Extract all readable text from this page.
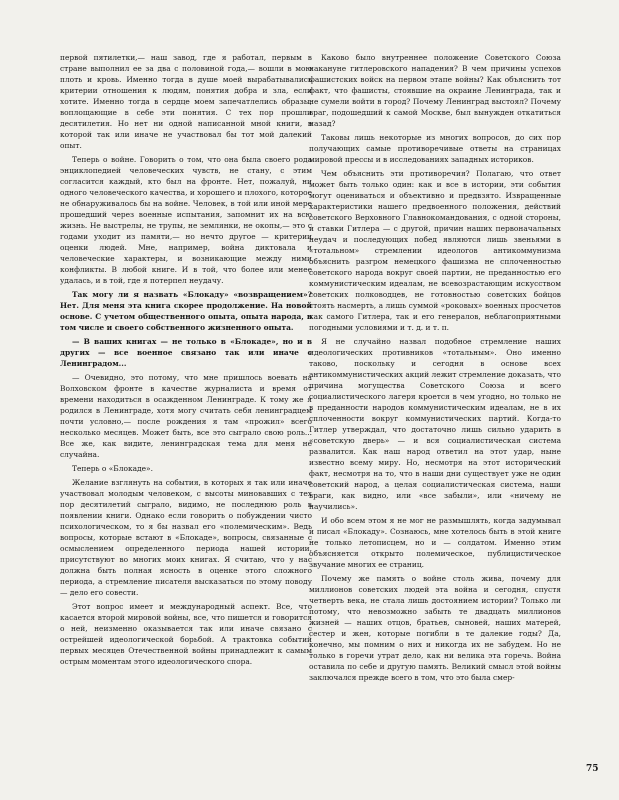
первой пятилетки,— наш завод, где я работал, первым в стране выполнил ее за два с половиной года,— вошли в мою плоть и кровь. Именно тогда в душе моей вырабатывались критерии отношения к людям, понятия добра и зла, если хотите. Именно тогда в сердце моем запечатлелись образы, воплощающие в себе эти понятия. С тех пор прошли десятилетия. Но нет ни одной написанной мной книги, в которой так или иначе не участвовал бы тот мой далекий опыт.

Теперь о войне. Говорить о том, что она была своего рода энциклопедией человеческих чувств, не стану, с этим согласится каждый, кто был на фронте. Нет, пожалуй, ни одного человеческого качества, и хорошего и плохого, которое не обнаруживалось бы на войне. Человек, в той или иной мере прошедший через военные испытания, запомнит их на всю жизнь. Не выстрелы, не трупы, не землянки, не окопы,— это с годами уходит из памяти,— но нечто другое — критерии оценки людей. Мне, например, война диктовала и человеческие характеры, и возникающие между ними конфликты. В любой книге. И в той, что более или менее удалась, и в той, где я потерпел неудачу.

Так могу ли я назвать «Блокаду» «возвращением»? Нет. Для меня эта книга скорее продолжение. На новой основе. С учетом общественного опыта, опыта народа, в том числе и своего собственного жизненного опыта.

— В ваших книгах — не только в «Блокаде», но и в других — все военное связано так или иначе с Ленинградом...

— Очевидно, это потому, что мне пришлось воевать на Волховском фронте в качестве журналиста и время от времени находиться в осажденном Ленинграде. К тому же я родился в Ленинграде, хотя могу считать себя ленинградцем почти условно,— после рождения я там «прожил» всего несколько месяцев. Может быть, все это сыграло свою роль... Все же, как видите, ленинградская тема для меня не случайна.

Теперь о «Блокаде».

Желание взглянуть на события, в которых я так или иначе участвовал молодым человеком, с высоты миновавших с тех пор десятилетий сыграло, видимо, не последнюю роль в появлении книги. Однако если говорить о побуждении чисто психологическом, то я бы назвал его «полемическим». Ведь вопросы, которые встают в «Блокаде», вопросы, связанные с осмыслением определенного периода нашей истории, присутствуют во многих моих книгах. Я считаю, что у нас должна быть полная ясность в оценке этого сложного периода, а стремление писателя высказаться по этому поводу — дело его совести.

Этот вопрос имеет и международный аспект. Все, что касается второй мировой войны, все, что пишется и говорится о ней, неизменно оказывается так или иначе связано с острейшей идеологической борьбой. А трактовка событий первых месяцев Отечественной войны принадлежит к самым острым моментам этого идеологического спора.

Каково было внутреннее положение Советского Союза накануне гитлеровского нападения? В чем причины успехов фашистских войск на первом этапе войны? Как объяснить тот факт, что фашисты, стоявшие на окраине Ленинграда, так и не сумели войти в город? Почему Ленинград выстоял? Почему враг, подошедший к самой Москве, был вынужден откатиться назад?

Таковы лишь некоторые из многих вопросов, до сих пор получающих самые противоречивые ответы на страницах мировой прессы и в исследованиях западных историков.

Чем объяснить эти противоречия? Полагаю, что ответ может быть только один: как и все в истории, эти события могут оцениваться и объективно и предвзято. Извращенные характеристики нашего предвоенного положения, действий советского Верховного Главнокомандования, с одной стороны, и ставки Гитлера — с другой, причин наших первоначальных неудач и последующих побед являются лишь звеньями в «тотальном» стремлении идеологов антикоммунизма объяснить разгром немецкого фашизма не сплоченностью советского народа вокруг своей партии, не преданностью его коммунистическим идеалам, не всевозрастающим искусством советских полководцев, не готовностью советских бойцов стоять насмерть, а лишь суммой «роковых» военных просчетов как самого Гитлера, так и его генералов, неблагоприятными погодными условиями и т. д. и т. п.

Я не случайно назвал подобное стремление наших идеологических противников «тотальным». Оно именно таково, поскольку и сегодня в основе всех антикоммунистических акций лежит стремление доказать, что причина могущества Советского Союза и всего социалистического лагеря кроется в чем угодно, но только не в преданности народов коммунистическим идеалам, не в их сплоченности вокруг коммунистических партий. Когда-то Гитлер утверждал, что достаточно лишь сильно ударить в «советскую дверь» — и вся социалистическая система развалится. Как наш народ ответил на этот удар, ныне известно всему миру. Но, несмотря на этот исторический факт, несмотря на то, что в наши дни существует уже не один советский народ, а целая социалистическая система, наши враги, как видно, или «все забыли», или «ничему не научились».

И обо всем этом я не мог не размышлять, когда задумывал и писал «Блокаду». Сознаюсь, мне хотелось быть в этой книге не только летописцем, но и — солдатом. Именно этим объясняется открыто полемическое, публицистическое звучание многих ее страниц.

Почему же память о войне столь жива, почему для миллионов советских людей эта война и сегодня, спустя четверть века, не стала лишь достоянием истории? Только ли потому, что невозможно забыть те двадцать миллионов жизней — наших отцов, братьев, сыновей, наших матерей, сестер и жен, которые погибли в те далекие годы? Да, конечно, мы помним о них и никогда их не забудем. Но не только в горечи утрат дело, как ни велика эта горечь. Война оставила по себе и другую память. Великий смысл этой войны заключался прежде всего в том, что это была смер-

75
